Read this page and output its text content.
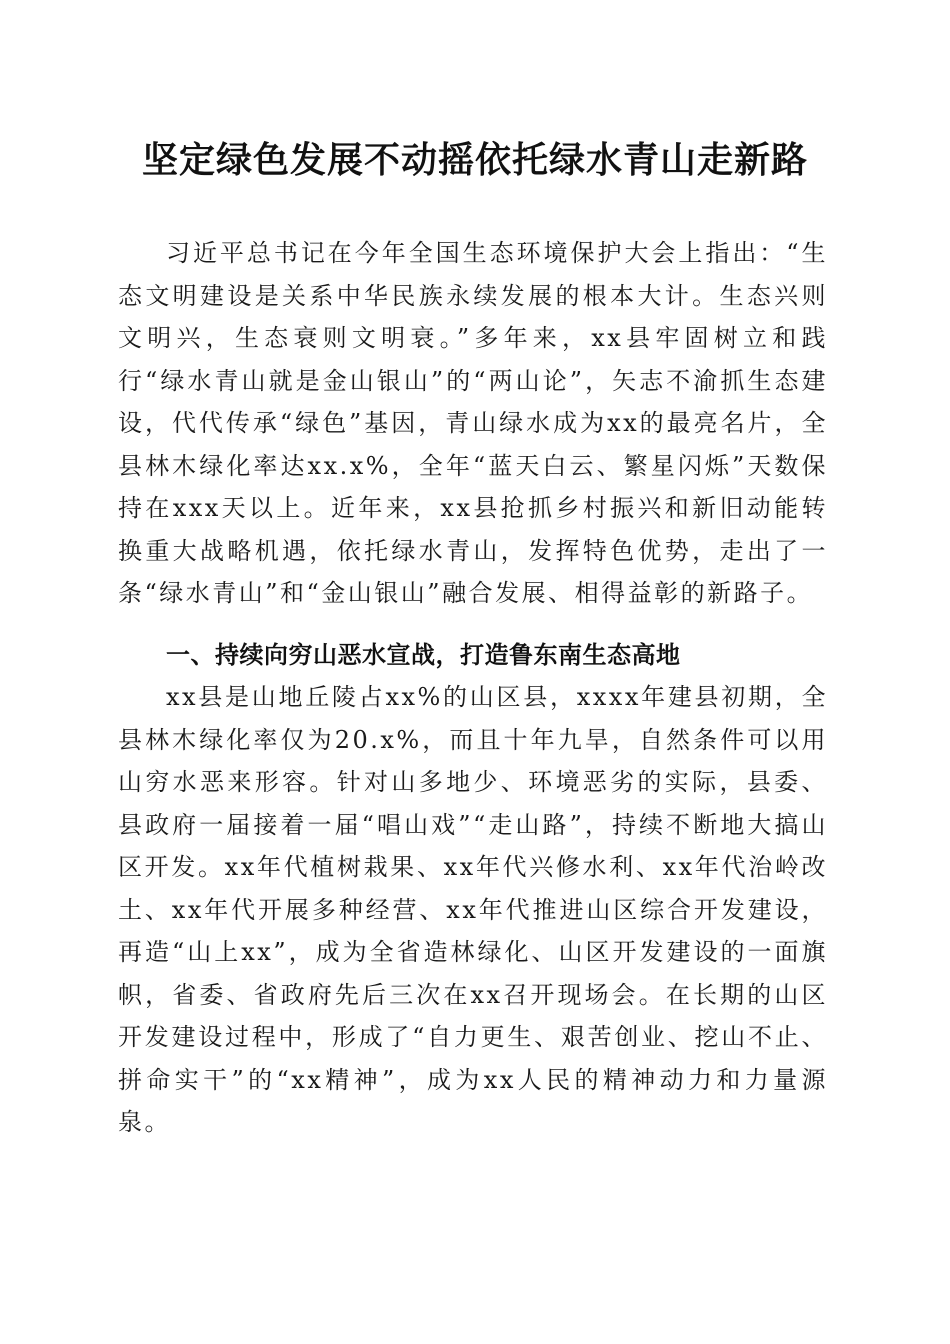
坚定绿色发展不动摇依托绿水青山走新路

习近平总书记在今年全国生态环境保护大会上指出：“生态文明建设是关系中华民族永续发展的根本大计。生态兴则文明兴，生态衰则文明衰。”多年来，xx县牢固树立和践行“绿水青山就是金山银山”的“两山论”，矢志不渝抓生态建设，代代传承“绿色”基因，青山绿水成为xx的最亮名片，全县林木绿化率达xx.x%，全年“蓝天白云、繁星闪烁”天数保持在xxx天以上。近年来，xx县抢抓乡村振兴和新旧动能转换重大战略机遇，依托绿水青山，发挥特色优势，走出了一条“绿水青山”和“金山银山”融合发展、相得益彰的新路子。

一、持续向穷山恶水宣战，打造鲁东南生态高地

xx县是山地丘陵占xx%的山区县，xxxx年建县初期，全县林木绿化率仅为20.x%，而且十年九旱，自然条件可以用山穷水恶来形容。针对山多地少、环境恶劣的实际，县委、县政府一届接着一届“唱山戏”“走山路”，持续不断地大搞山区开发。xx年代植树栽果、xx年代兴修水利、xx年代治岭改土、xx年代开展多种经营、xx年代推进山区综合开发建设，再造“山上xx”，成为全省造林绿化、山区开发建设的一面旗帜，省委、省政府先后三次在xx召开现场会。在长期的山区开发建设过程中，形成了“自力更生、艰苦创业、挖山不止、拼命实干”的“xx精神”，成为xx人民的精神动力和力量源泉。
